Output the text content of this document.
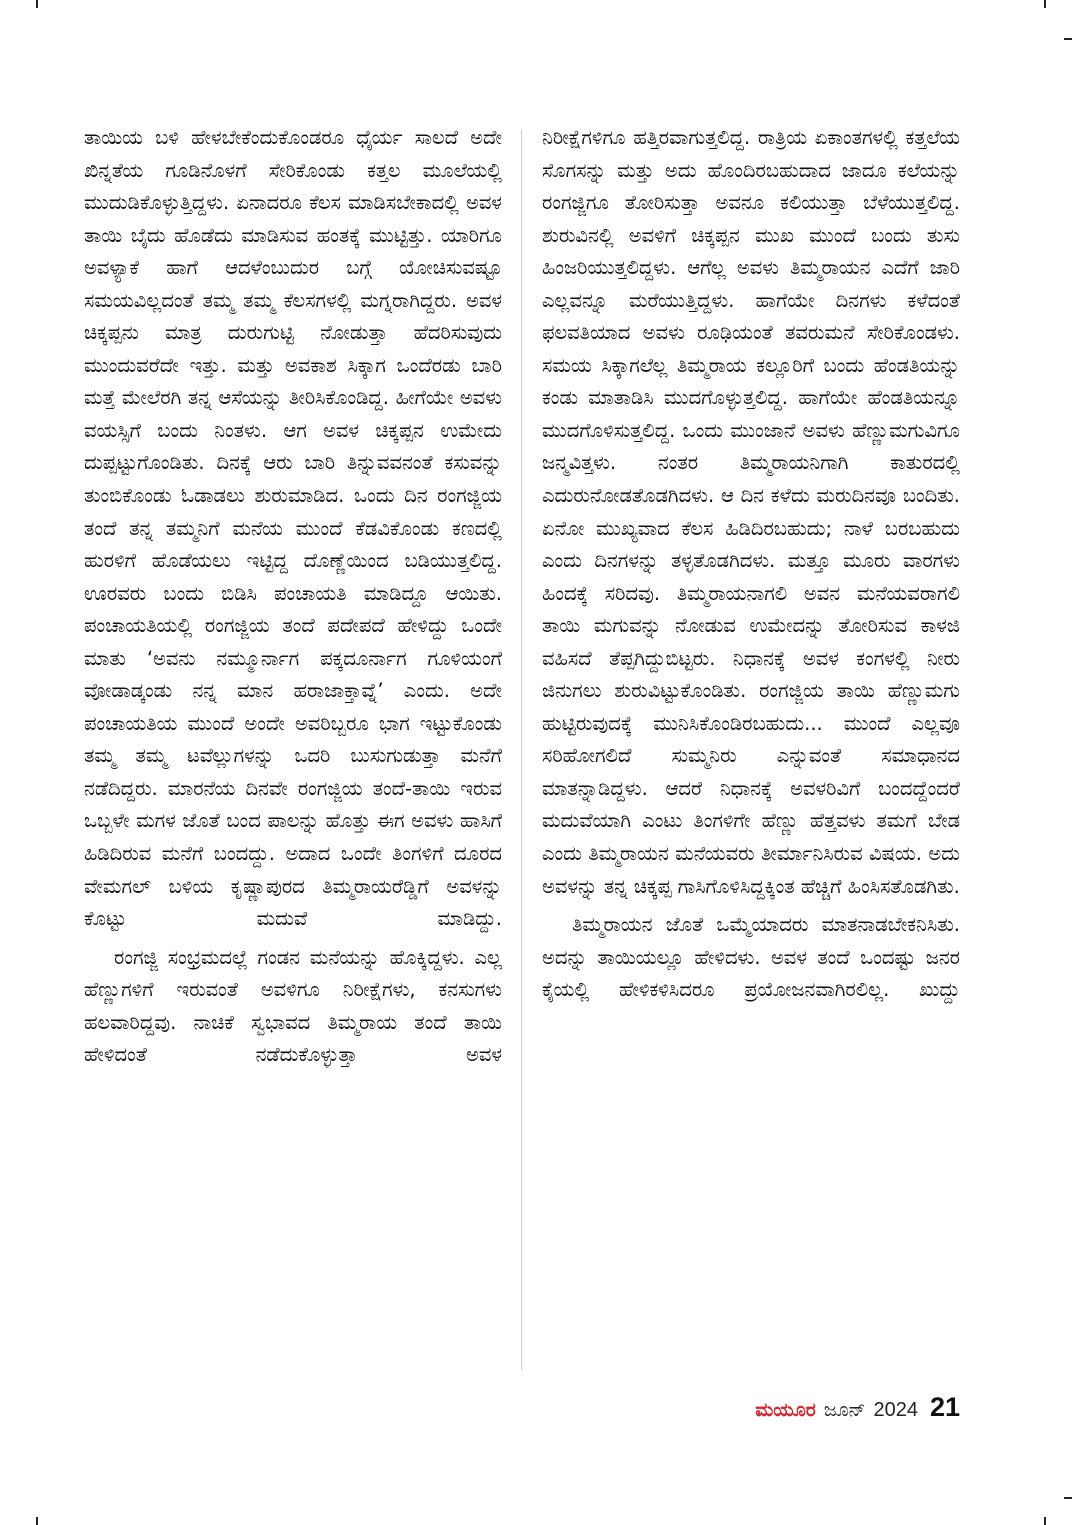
ತಾಯಿಯ ಬಳಿ ಹೇಳಬೇಕೆಂದುಕೊಂಡರೂ ಧೈರ್ಯ ಸಾಲದೆ ಅದೇ ಖಿನ್ನತೆಯ ಗೂಡಿನೊಳಗೆ ಸೇರಿಕೊಂಡು ಕತ್ತಲ ಮೂಲೆಯಲ್ಲಿ ಮುದುಡಿಕೊಳ್ಳುತ್ತಿದ್ದಳು. ಏನಾದರೂ ಕೆಲಸ ಮಾಡಿಸಬೇಕಾದಲ್ಲಿ ಅವಳ ತಾಯಿ ಬೈದು ಹೊಡೆದು ಮಾಡಿಸುವ ಹಂತಕ್ಕೆ ಮುಟ್ಟಿತ್ತು. ಯಾರಿಗೂ ಅವಳ್ಯಾಕೆ ಹಾಗೆ ಆದಳೆಂಬುದುರ ಬಗ್ಗೆ ಯೋಚಿಸುವಷ್ಟೂ ಸಮಯವಿಲ್ಲದಂತೆ ತಮ್ಮ ತಮ್ಮ ಕೆಲಸಗಳಲ್ಲಿ ಮಗ್ನರಾಗಿದ್ದರು. ಅವಳ ಚಿಕ್ಕಪ್ಪನು ಮಾತ್ರ ದುರುಗುಟ್ಟಿ ನೋಡುತ್ತಾ ಹೆದರಿಸುವುದು ಮುಂದುವರೆದೇ ಇತ್ತು. ಮತ್ತು ಅವಕಾಶ ಸಿಕ್ಕಾಗ ಒಂದೆರಡು ಬಾರಿ ಮತ್ತೆ ಮೇಲೆರಗಿ ತನ್ನ ಆಸೆಯನ್ನು ತೀರಿಸಿಕೊಂಡಿದ್ದ. ಹೀಗೆಯೇ ಅವಳು ವಯಸ್ಸಿಗೆ ಬಂದು ನಿಂತಳು. ಆಗ ಅವಳ ಚಿಕ್ಕಪ್ಪನ ಉಮೇದು ದುಪ್ಪಟ್ಟುಗೊಂಡಿತು. ದಿನಕ್ಕೆ ಆರು ಬಾರಿ ತಿನ್ನುವವನಂತೆ ಕಸುವನ್ನು ತುಂಬಿಕೊಂಡು ಓಡಾಡಲು ಶುರುಮಾಡಿದ. ಒಂದು ದಿನ ರಂಗಜ್ಜಿಯ ತಂದೆ ತನ್ನ ತಮ್ಮನಿಗೆ ಮನೆಯ ಮುಂದೆ ಕೆಡವಿಕೊಂಡು ಕಣದಲ್ಲಿ ಹುರಳಿಗೆ ಹೊಡೆಯಲು ಇಟ್ಟಿದ್ದ ದೊಣ್ಣೆಯಿಂದ ಬಡಿಯುತ್ತಲಿದ್ದ. ಊರವರು ಬಂದು ಬಿಡಿಸಿ ಪಂಚಾಯತಿ ಮಾಡಿದ್ದೂ ಆಯಿತು. ಪಂಚಾಯತಿಯಲ್ಲಿ ರಂಗಜ್ಜಿಯ ತಂದೆ ಪದೇಪದೆ ಹೇಳಿದ್ದು ಒಂದೇ ಮಾತು ‘ಅವನು ನಮ್ಮೂರ್ನಾಗ ಪಕ್ಕದೂರ್ನಾಗ ಗೂಳಿಯಂಗೆ ವೋಡಾಡ್ಕಂಡು ನನ್ನ ಮಾನ ಹರಾಜಾಕ್ತಾವ್ನೆ’ ಎಂದು. ಅದೇ ಪಂಚಾಯತಿಯ ಮುಂದೆ ಅಂದೇ ಅವರಿಬ್ಬರೂ ಭಾಗ ಇಟ್ಟುಕೊಂಡು ತಮ್ಮ ತಮ್ಮ ಟವೆಲ್ಲುಗಳನ್ನು ಒದರಿ ಬುಸುಗುಡುತ್ತಾ ಮನೆಗೆ ನಡೆದಿದ್ದರು. ಮಾರನೆಯ ದಿನವೇ ರಂಗಜ್ಜಿಯ ತಂದೆ-ತಾಯಿ ಇರುವ ಒಬ್ಬಳೇ ಮಗಳ ಜೊತೆ ಬಂದ ಪಾಲನ್ನು ಹೊತ್ತು ಈಗ ಅವಳು ಹಾಸಿಗೆ ಹಿಡಿದಿರುವ ಮನೆಗೆ ಬಂದದ್ದು. ಅದಾದ ಒಂದೇ ತಿಂಗಳಿಗೆ ದೂರದ ವೇಮಗಲ್ ಬಳಿಯ ಕೃಷ್ಣಾಪುರದ ತಿಮ್ಮರಾಯರೆಡ್ಡಿಗೆ ಅವಳನ್ನು ಕೊಟ್ಟು ಮದುವೆ ಮಾಡಿದ್ದು.

ರಂಗಜ್ಜಿ ಸಂಭ್ರಮದಲ್ಲೆ ಗಂಡನ ಮನೆಯನ್ನು ಹೊಕ್ಕಿದ್ದಳು. ಎಲ್ಲ ಹೆಣ್ಣುಗಳಿಗೆ ಇರುವಂತೆ ಅವಳಿಗೂ ನಿರೀಕ್ಷೆಗಳು, ಕನಸುಗಳು ಹಲವಾರಿದ್ದವು. ನಾಚಿಕೆ ಸ್ವಭಾವದ ತಿಮ್ಮರಾಯ ತಂದೆ ತಾಯಿ ಹೇಳಿದಂತೆ ನಡೆದುಕೊಳ್ಳುತ್ತಾ ಅವಳ

ನಿರೀಕ್ಷೆಗಳಿಗೂ ಹತ್ತಿರವಾಗುತ್ತಲಿದ್ದ. ರಾತ್ರಿಯ ಏಕಾಂತಗಳಲ್ಲಿ ಕತ್ತಲೆಯ ಸೊಗಸನ್ನು ಮತ್ತು ಅದು ಹೊಂದಿರಬಹುದಾದ ಜಾದೂ ಕಲೆಯನ್ನು ರಂಗಜ್ಜಿಗೂ ತೋರಿಸುತ್ತಾ ಅವನೂ ಕಲಿಯುತ್ತಾ ಬೆಳೆಯುತ್ತಲಿದ್ದ. ಶುರುವಿನಲ್ಲಿ ಅವಳಿಗೆ ಚಿಕ್ಕಪ್ಪನ ಮುಖ ಮುಂದೆ ಬಂದು ತುಸು ಹಿಂಜರಿಯುತ್ತಲಿದ್ದಳು. ಆಗೆಲ್ಲ ಅವಳು ತಿಮ್ಮರಾಯನ ಎದೆಗೆ ಜಾರಿ ಎಲ್ಲವನ್ನೂ ಮರೆಯುತ್ತಿದ್ದಳು. ಹಾಗೆಯೇ ದಿನಗಳು ಕಳೆದಂತೆ ಫಲವತಿಯಾದ ಅವಳು ರೂಢಿಯಂತೆ ತವರುಮನೆ ಸೇರಿಕೊಂಡಳು. ಸಮಯ ಸಿಕ್ಕಾಗಲೆಲ್ಲ ತಿಮ್ಮರಾಯ ಕಲ್ಲೂರಿಗೆ ಬಂದು ಹೆಂಡತಿಯನ್ನು ಕಂಡು ಮಾತಾಡಿಸಿ ಮುದಗೊಳ್ಳುತ್ತಲಿದ್ದ. ಹಾಗೆಯೇ ಹೆಂಡತಿಯನ್ನೂ ಮುದಗೊಳಿಸುತ್ತಲಿದ್ದ. ಒಂದು ಮುಂಜಾನೆ ಅವಳು ಹೆಣ್ಣುಮಗುವಿಗೂ ಜನ್ಮವಿತ್ತಳು. ನಂತರ ತಿಮ್ಮರಾಯನಿಗಾಗಿ ಕಾತುರದಲ್ಲಿ ಎದುರುನೋಡತೊಡಗಿದಳು. ಆ ದಿನ ಕಳೆದು ಮರುದಿನವೂ ಬಂದಿತು. ಏನೋ ಮುಖ್ಯವಾದ ಕೆಲಸ ಹಿಡಿದಿರಬಹುದು; ನಾಳೆ ಬರಬಹುದು ಎಂದು ದಿನಗಳನ್ನು ತಳ್ಳತೊಡಗಿದಳು. ಮತ್ತೂ ಮೂರು ವಾರಗಳು ಹಿಂದಕ್ಕೆ ಸರಿದವು. ತಿಮ್ಮರಾಯನಾಗಲಿ ಅವನ ಮನೆಯವರಾಗಲಿ ತಾಯಿ ಮಗುವನ್ನು ನೋಡುವ ಉಮೇದನ್ನು ತೋರಿಸುವ ಕಾಳಜಿ ವಹಿಸದೆ ತೆಪ್ಪಗಿದ್ದುಬಿಟ್ಟರು. ನಿಧಾನಕ್ಕೆ ಅವಳ ಕಂಗಳಲ್ಲಿ ನೀರು ಜಿನುಗಲು ಶುರುವಿಟ್ಟುಕೊಂಡಿತು. ರಂಗಜ್ಜಿಯ ತಾಯಿ ಹೆಣ್ಣುಮಗು ಹುಟ್ಟಿರುವುದಕ್ಕೆ ಮುನಿಸಿಕೊಂಡಿರಬಹುದು... ಮುಂದೆ ಎಲ್ಲವೂ ಸರಿಹೋಗಲಿದೆ ಸುಮ್ಮನಿರು ಎನ್ನುವಂತೆ ಸಮಾಧಾನದ ಮಾತನ್ನಾಡಿದ್ದಳು. ಆದರೆ ನಿಧಾನಕ್ಕೆ ಅವಳರಿವಿಗೆ ಬಂದದ್ದೆಂದರೆ ಮದುವೆಯಾಗಿ ಎಂಟು ತಿಂಗಳಿಗೇ ಹೆಣ್ಣು ಹೆತ್ತವಳು ತಮಗೆ ಬೇಡ ಎಂದು ತಿಮ್ಮರಾಯನ ಮನೆಯವರು ತೀರ್ಮಾನಿಸಿರುವ ವಿಷಯ. ಅದು ಅವಳನ್ನು ತನ್ನ ಚಿಕ್ಕಪ್ಪ ಗಾಸಿಗೊಳಿಸಿದ್ದಕ್ಕಿಂತ ಹೆಚ್ಚಿಗೆ ಹಿಂಸಿಸತೊಡಗಿತು.

ತಿಮ್ಮರಾಯನ ಜೊತೆ ಒಮ್ಮೆಯಾದರು ಮಾತನಾಡಬೇಕನಿಸಿತು. ಅದನ್ನು ತಾಯಿಯಲ್ಲೂ ಹೇಳಿದಳು. ಅವಳ ತಂದೆ ಒಂದಷ್ಟು ಜನರ ಕೈಯಲ್ಲಿ ಹೇಳಿಕಳಿಸಿದರೂ ಪ್ರಯೋಜನವಾಗಿರಲಿಲ್ಲ. ಖುದ್ದು

ಮಯೂರ ಜೂನ್ 2024 21
